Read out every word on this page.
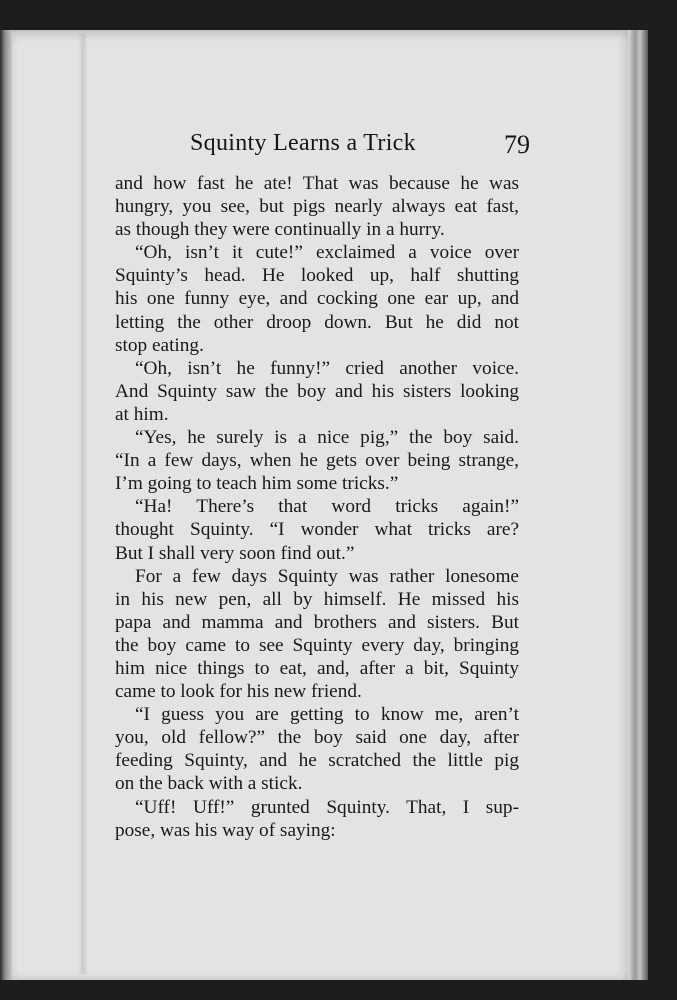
Squinty Learns a Trick	79
and how fast he ate! That was because he was
hungry, you see, but pigs nearly always eat fast,
as though they were continually in a hurry.
“Oh, isn’t it cute!” exclaimed a voice over
Squinty’s head. He looked up, half shutting
his one funny eye, and cocking one ear up, and
letting the other droop down. But he did not
stop eating.
“Oh, isn’t he funny!” cried another voice.
And Squinty saw the boy and his sisters looking
at him.
“Yes, he surely is a nice pig,” the boy said.
“In a few days, when he gets over being strange,
I’m going to teach him some tricks.”
“Ha! There’s that word tricks again!”
thought Squinty. “I wonder what tricks are?
But I shall very soon find out.”
For a few days Squinty was rather lonesome
in his new pen, all by himself. He missed his
papa and mamma and brothers and sisters. But
the boy came to see Squinty every day, bringing
him nice things to eat, and, after a bit, Squinty
came to look for his new friend.
“I guess you are getting to know me, aren’t
you, old fellow?” the boy said one day, after
feeding Squinty, and he scratched the little pig
on the back with a stick.
“Uff! Uff!” grunted Squinty. That, I sup-
pose, was his way of saying:
